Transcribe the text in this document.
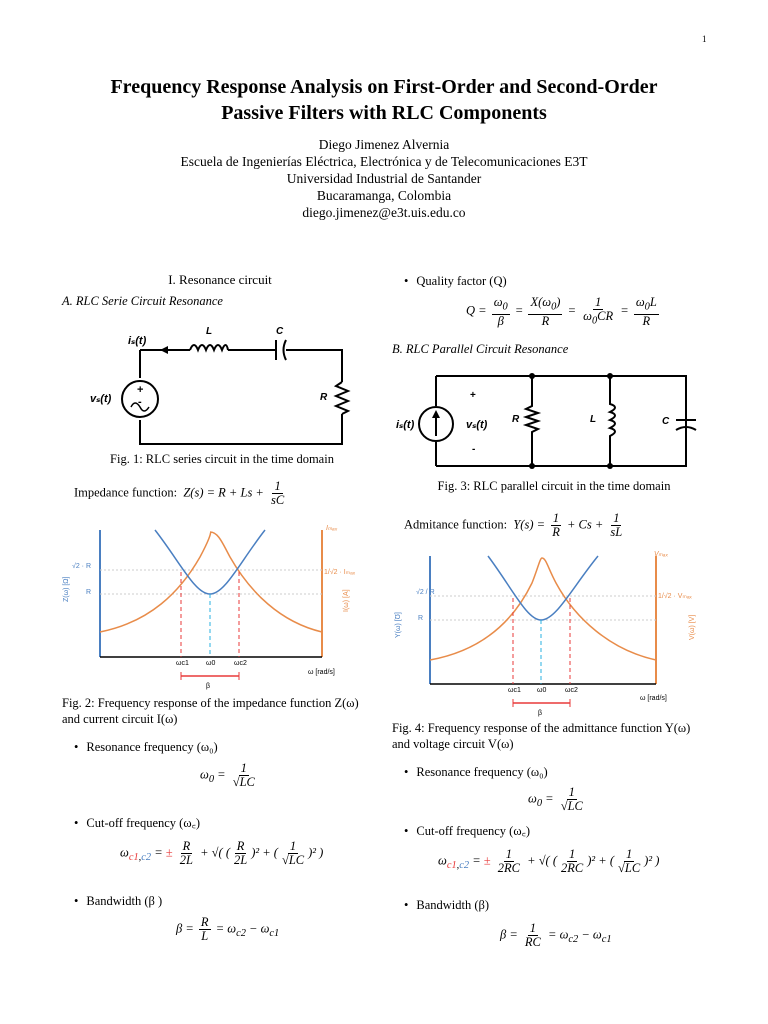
1
Frequency Response Analysis on First-Order and Second-Order
Passive Filters with RLC Components
Diego Jimenez Alvernia
Escuela de Ingenierías Eléctrica, Electrónica y de Telecomunicaciones E3T
Universidad Industrial de Santander
Bucaramanga, Colombia
diego.jimenez@e3t.uis.edu.co
I. Resonance circuit
A. RLC Serie Circuit Resonance
+
-
iₛ(t)
L	C
R
vₛ(t)
Fig. 1: RLC series circuit in the time domain
Impedance function:  $Z(s) = R + Ls + \frac{1}{sC}$
Iₘₐₓ
√2 · R
R
1/√2 · Iₘₐₓ
Z(ω) [Ω]	I(ω) [A]
ωc1 ω0	ωc2
ω [rad/s]
β
Fig. 2: Frequency response of the impedance function Z(ω)
and current circuit I(ω)
• Resonance frequency (ω₀)
$\omega_0 = \frac{1}{√LC}$
• Cut-off frequency (ω꜀)
$\omega_{c1,c2}$ = ± $\frac{R}{2L}$ + √( ( $\frac{R}{2L} )^2$ + ( $\frac{1}{√LC} )^2$ )
• Bandwidth (β )
$\beta = \frac{R}{L} = \omega_{c2} - \omega_{c1}$
• Quality factor (Q)
$Q = \frac{\omega_0}{\beta} = \frac{X(\omega_0)}{R} = \frac{1}{\omega_0CR} = \frac{\omega_0L}{R}$
B. RLC Parallel Circuit Resonance
+
-
iₛ(t)	vₛ(t) R	L	C
Fig. 3: RLC parallel circuit in the time domain
Admitance function:  $Y(s) = \frac{1}{R} + Cs + \frac{1}{sL}$
Vₘₐₓ
√2 / R
R
1/√2 · Vₘₐₓ
Y(ω) [Ʊ]	V(ω) [V]
ωc1 ω0	ωc2
ω [rad/s]
β
Fig. 4: Frequency response of the admittance function Y(ω)
and voltage circuit V(ω)
• Resonance frequency (ω₀)
$\omega_0 = \frac{1}{√LC}$
• Cut-off frequency (ω꜀)
$\omega_{c1,c2}$ = ± $\frac{1}{2RC}$ + √( ( $\frac{1}{2RC} )^2$ + ( $\frac{1}{√LC} )^2$ )
• Bandwidth (β)
$\beta = \frac{1}{RC} = \omega_{c2} - \omega_{c1}$
